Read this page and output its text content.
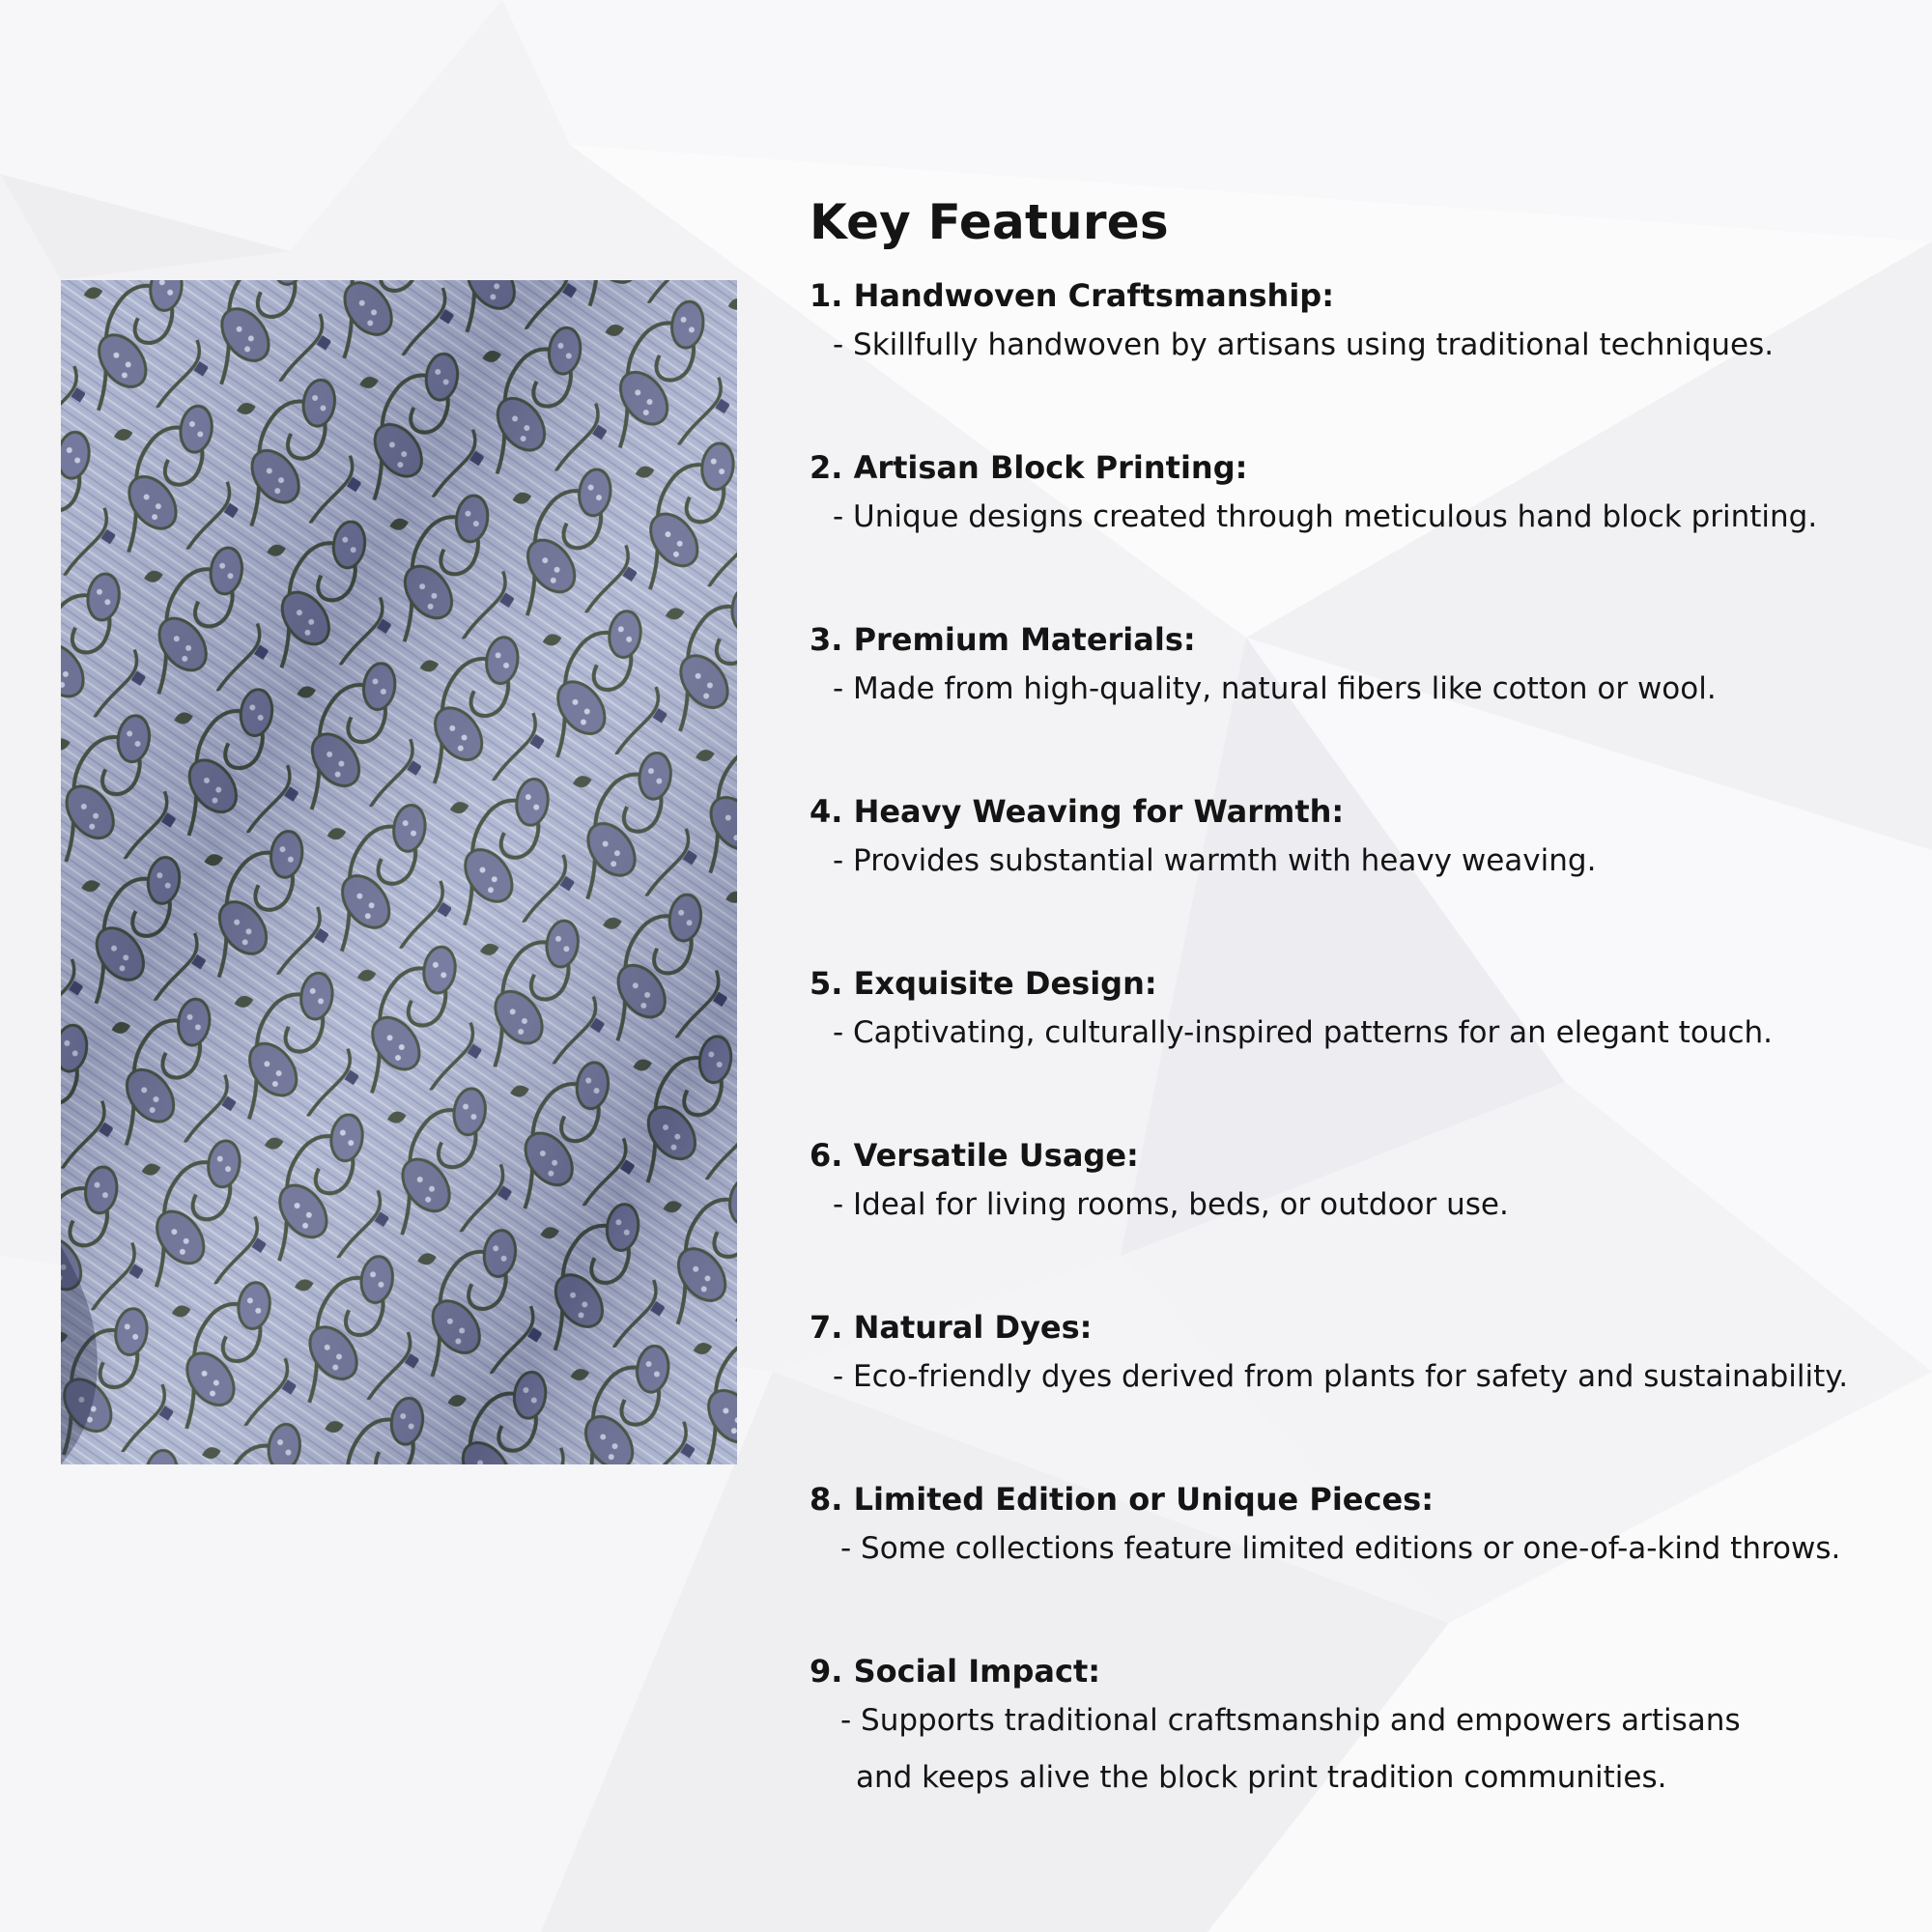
Key Features
1. Handwoven Craftsmanship:
- Skillfully handwoven by artisans using traditional techniques.
2. Artisan Block Printing:
- Unique designs created through meticulous hand block printing.
3. Premium Materials:
- Made from high-quality, natural fibers like cotton or wool.
4. Heavy Weaving for Warmth:
- Provides substantial warmth with heavy weaving.
5. Exquisite Design:
- Captivating, culturally-inspired patterns for an elegant touch.
6. Versatile Usage:
- Ideal for living rooms, beds, or outdoor use.
7. Natural Dyes:
- Eco-friendly dyes derived from plants for safety and sustainability.
8. Limited Edition or Unique Pieces:
- Some collections feature limited editions or one-of-a-kind throws.
9. Social Impact:
- Supports traditional craftsmanship and empowers artisans
and keeps alive the block print tradition communities.
